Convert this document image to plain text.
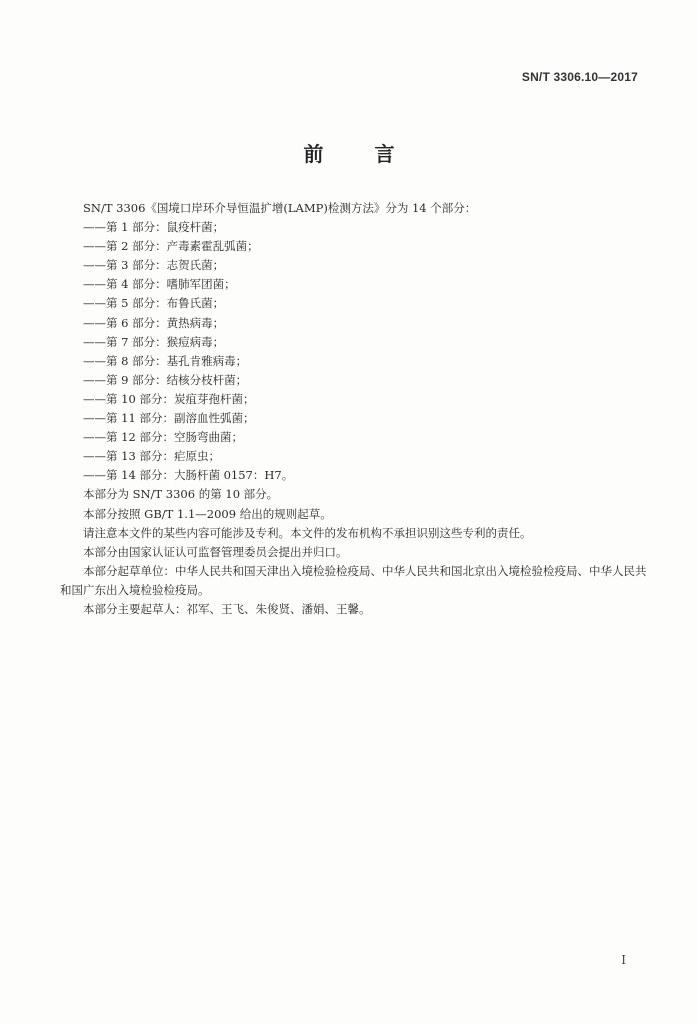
SN/T 3306.10—2017
前 言

SN/T 3306《国境口岸环介导恒温扩增(LAMP)检测方法》分为 14 个部分：

——第 1 部分：鼠疫杆菌；
——第 2 部分：产毒素霍乱弧菌；
——第 3 部分：志贺氏菌；
——第 4 部分：嗜肺军团菌；
——第 5 部分：布鲁氏菌；
——第 6 部分：黄热病毒；
——第 7 部分：猴痘病毒；
——第 8 部分：基孔肯雅病毒；
——第 9 部分：结核分枝杆菌；
——第 10 部分：炭疽芽孢杆菌；
——第 11 部分：副溶血性弧菌；
——第 12 部分：空肠弯曲菌；
——第 13 部分：疟原虫；
——第 14 部分：大肠杆菌 0157：H7。

本部分为 SN/T 3306 的第 10 部分。

本部分按照 GB/T 1.1—2009 给出的规则起草。

请注意本文件的某些内容可能涉及专利。本文件的发布机构不承担识别这些专利的责任。

本部分由国家认证认可监督管理委员会提出并归口。

本部分起草单位：中华人民共和国天津出入境检验检疫局、中华人民共和国北京出入境检验检疫局、中华人民共和国广东出入境检验检疫局。

本部分主要起草人：祁军、王飞、朱俊贤、潘娟、王馨。

I
